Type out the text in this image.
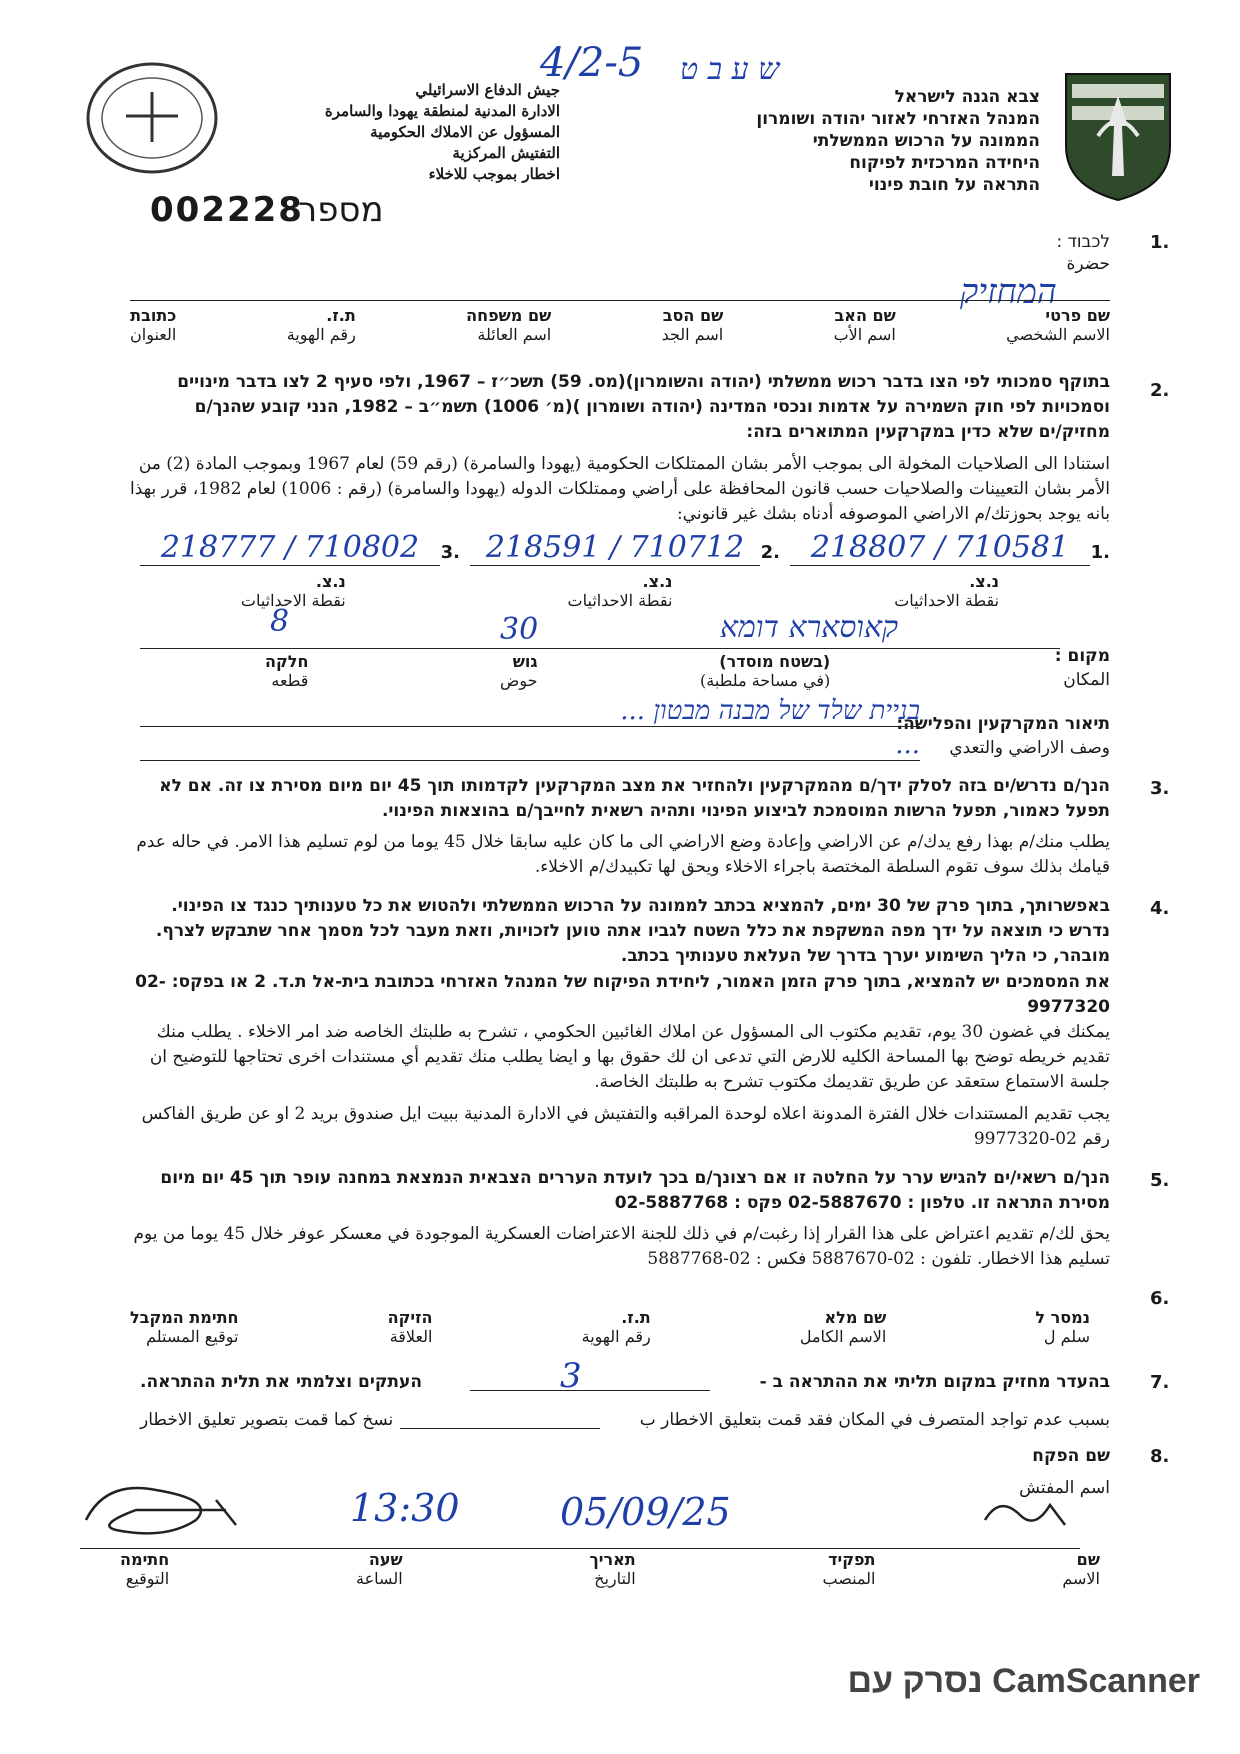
4/2-5 ש ע ב ט
צבא הגנה לישראל
המנהל האזרחי לאזור יהודה ושומרון
הממונה על הרכוש הממשלתי
היחידה המרכזית לפיקוח
התראה על חובת פינוי
جيش الدفاع الاسرائيلي
الادارة المدنية لمنطقة يهودا والسامرة
المسؤول عن الاملاك الحكومية
التفتيش المركزية
اخطار بموجب للاخلاء
002228
מספר
1.
לכבוד :
حضرة
המחזיק
שם פרטי
الاسم الشخصي
שם האב
اسم الأب
שם הסב
اسم الجد
שם משפחה
اسم العائلة
ת.ז.
رقم الهوية
כתובת
العنوان
2.
בתוקף סמכותי לפי הצו בדבר רכוש ממשלתי (יהודה והשומרון)(מס. 59) תשכ״ז – 1967, ולפי סעיף 2 לצו בדבר מינויים וסמכויות לפי חוק השמירה על אדמות ונכסי המדינה (יהודה ושומרון )(מ׳ 1006) תשמ״ב – 1982, הנני קובע שהנך/ם מחזיק/ים שלא כדין במקרקעין המתוארים בזה:
استنادا الى الصلاحيات المخولة الى بموجب الأمر بشان الممتلكات الحكومية (يهودا والسامرة) (رقم 59) لعام 1967 وبموجب المادة (2) من الأمر بشان التعيينات والصلاحيات حسب قانون المحافظة على أراضي وممتلكات الدوله (يهودا والسامرة) (رقم : 1006) لعام 1982، قرر بهذا بانه يوجد بحوزتك/م الاراضي الموصوفه أدناه بشك غير قانوني:
1.
218807 / 710581
2.
218591 / 710712
3.
218777 / 710802
נ.צ.
نقطة الاحداثيات
נ.צ.
نقطة الاحداثيات
נ.צ.
نقطة الاحداثيات
קאוסארא דומא
30
8
מקום :
المكان
(בשטח מוסדר)
(في مساحة ملطبة)
גוש
حوض
חלקה
قطعه
תיאור המקרקעין והפלישה:
وصف الاراضي والتعدي
בניית שלד של מבנה מבטון ...
...
3.
הנך/ם נדרש/ים בזה לסלק ידך/ם מהמקרקעין ולהחזיר את מצב המקרקעין לקדמותו תוך 45 יום מיום מסירת צו זה. אם לא תפעל כאמור, תפעל הרשות המוסמכת לביצוע הפינוי ותהיה רשאית לחייבך/ם בהוצאות הפינוי.
يطلب منك/م بهذا رفع يدك/م عن الاراضي وإعادة وضع الاراضي الى ما كان عليه سابقا خلال 45 يوما من لوم تسليم هذا الامر. في حاله عدم قيامك بذلك سوف تقوم السلطة المختصة باجراء الاخلاء ويحق لها تكبيدك/م الاخلاء.
4.
באפשרותך, בתוך פרק של 30 ימים, להמציא בכתב לממונה על הרכוש הממשלתי ולהטוש את כל טענותיך כנגד צו הפינוי. נדרש כי תוצאה על ידך מפה המשקפת את כלל השטח לגביו אתה טוען לזכויות, וזאת מעבר לכל מסמך אחר שתבקש לצרף. מובהר, כי הליך השימוע יערך בדרך של העלאת טענותיך בכתב.
את המסמכים יש להמציא, בתוך פרק הזמן האמור, ליחידת הפיקוח של המנהל האזרחי בכתובת בית-אל ת.ד. 2 או בפקס: 02-9977320
يمكنك في غضون 30 يوم، تقديم مكتوب الى المسؤول عن املاك الغائبين الحكومي ، تشرح به طلبتك الخاصه ضد امر الاخلاء . يطلب منك تقديم خريطه توضح بها المساحة الكليه للارض التي تدعى ان لك حقوق بها و ايضا يطلب منك تقديم أي مستندات اخرى تحتاجها للتوضيح ان جلسة الاستماع ستعقد عن طريق تقديمك مكتوب تشرح به طلبتك الخاصة.
يجب تقديم المستندات خلال الفترة المدونة اعلاه لوحدة المراقبه والتفتيش في الادارة المدنية ببيت ايل صندوق بريد 2 او عن طريق الفاكس رقم 02-9977320
5.
הנך/ם רשאי/ים להגיש ערר על החלטה זו אם רצונך/ם בכך לועדת העררים הצבאית הנמצאת במחנה עופר תוך 45 יום מיום מסירת התראה זו. טלפון : 02-5887670 פקס : 02-5887768
يحق لك/م تقديم اعتراض على هذا القرار إذا رغبت/م في ذلك للجنة الاعتراضات العسكرية الموجودة في معسكر عوفر خلال 45 يوما من يوم تسليم هذا الاخطار. تلفون : 02-5887670 فكس : 02-5887768
6.
נמסר ל
سلم ل
שם מלא
الاسم الكامل
ת.ז.
رقم الهوية
הזיקה
العلاقة
חתימת המקבל
توقيع المستلم
7.
בהעדר מחזיק במקום תליתי את ההתראה ב -
3
העתקים וצלמתי את תלית ההתראה.
بسبب عدم تواجد المتصرف في المكان فقد قمت بتعليق الاخطار ب
نسخ كما قمت بتصوير تعليق الاخطار
8.
שם הפקח
اسم المفتش
13:30	05/09/25
שם
الاسم
תפקיד
المنصب
תאריך
التاريخ
שעה
الساعة
חתימה
التوقيع
נסרק עם CamScanner
